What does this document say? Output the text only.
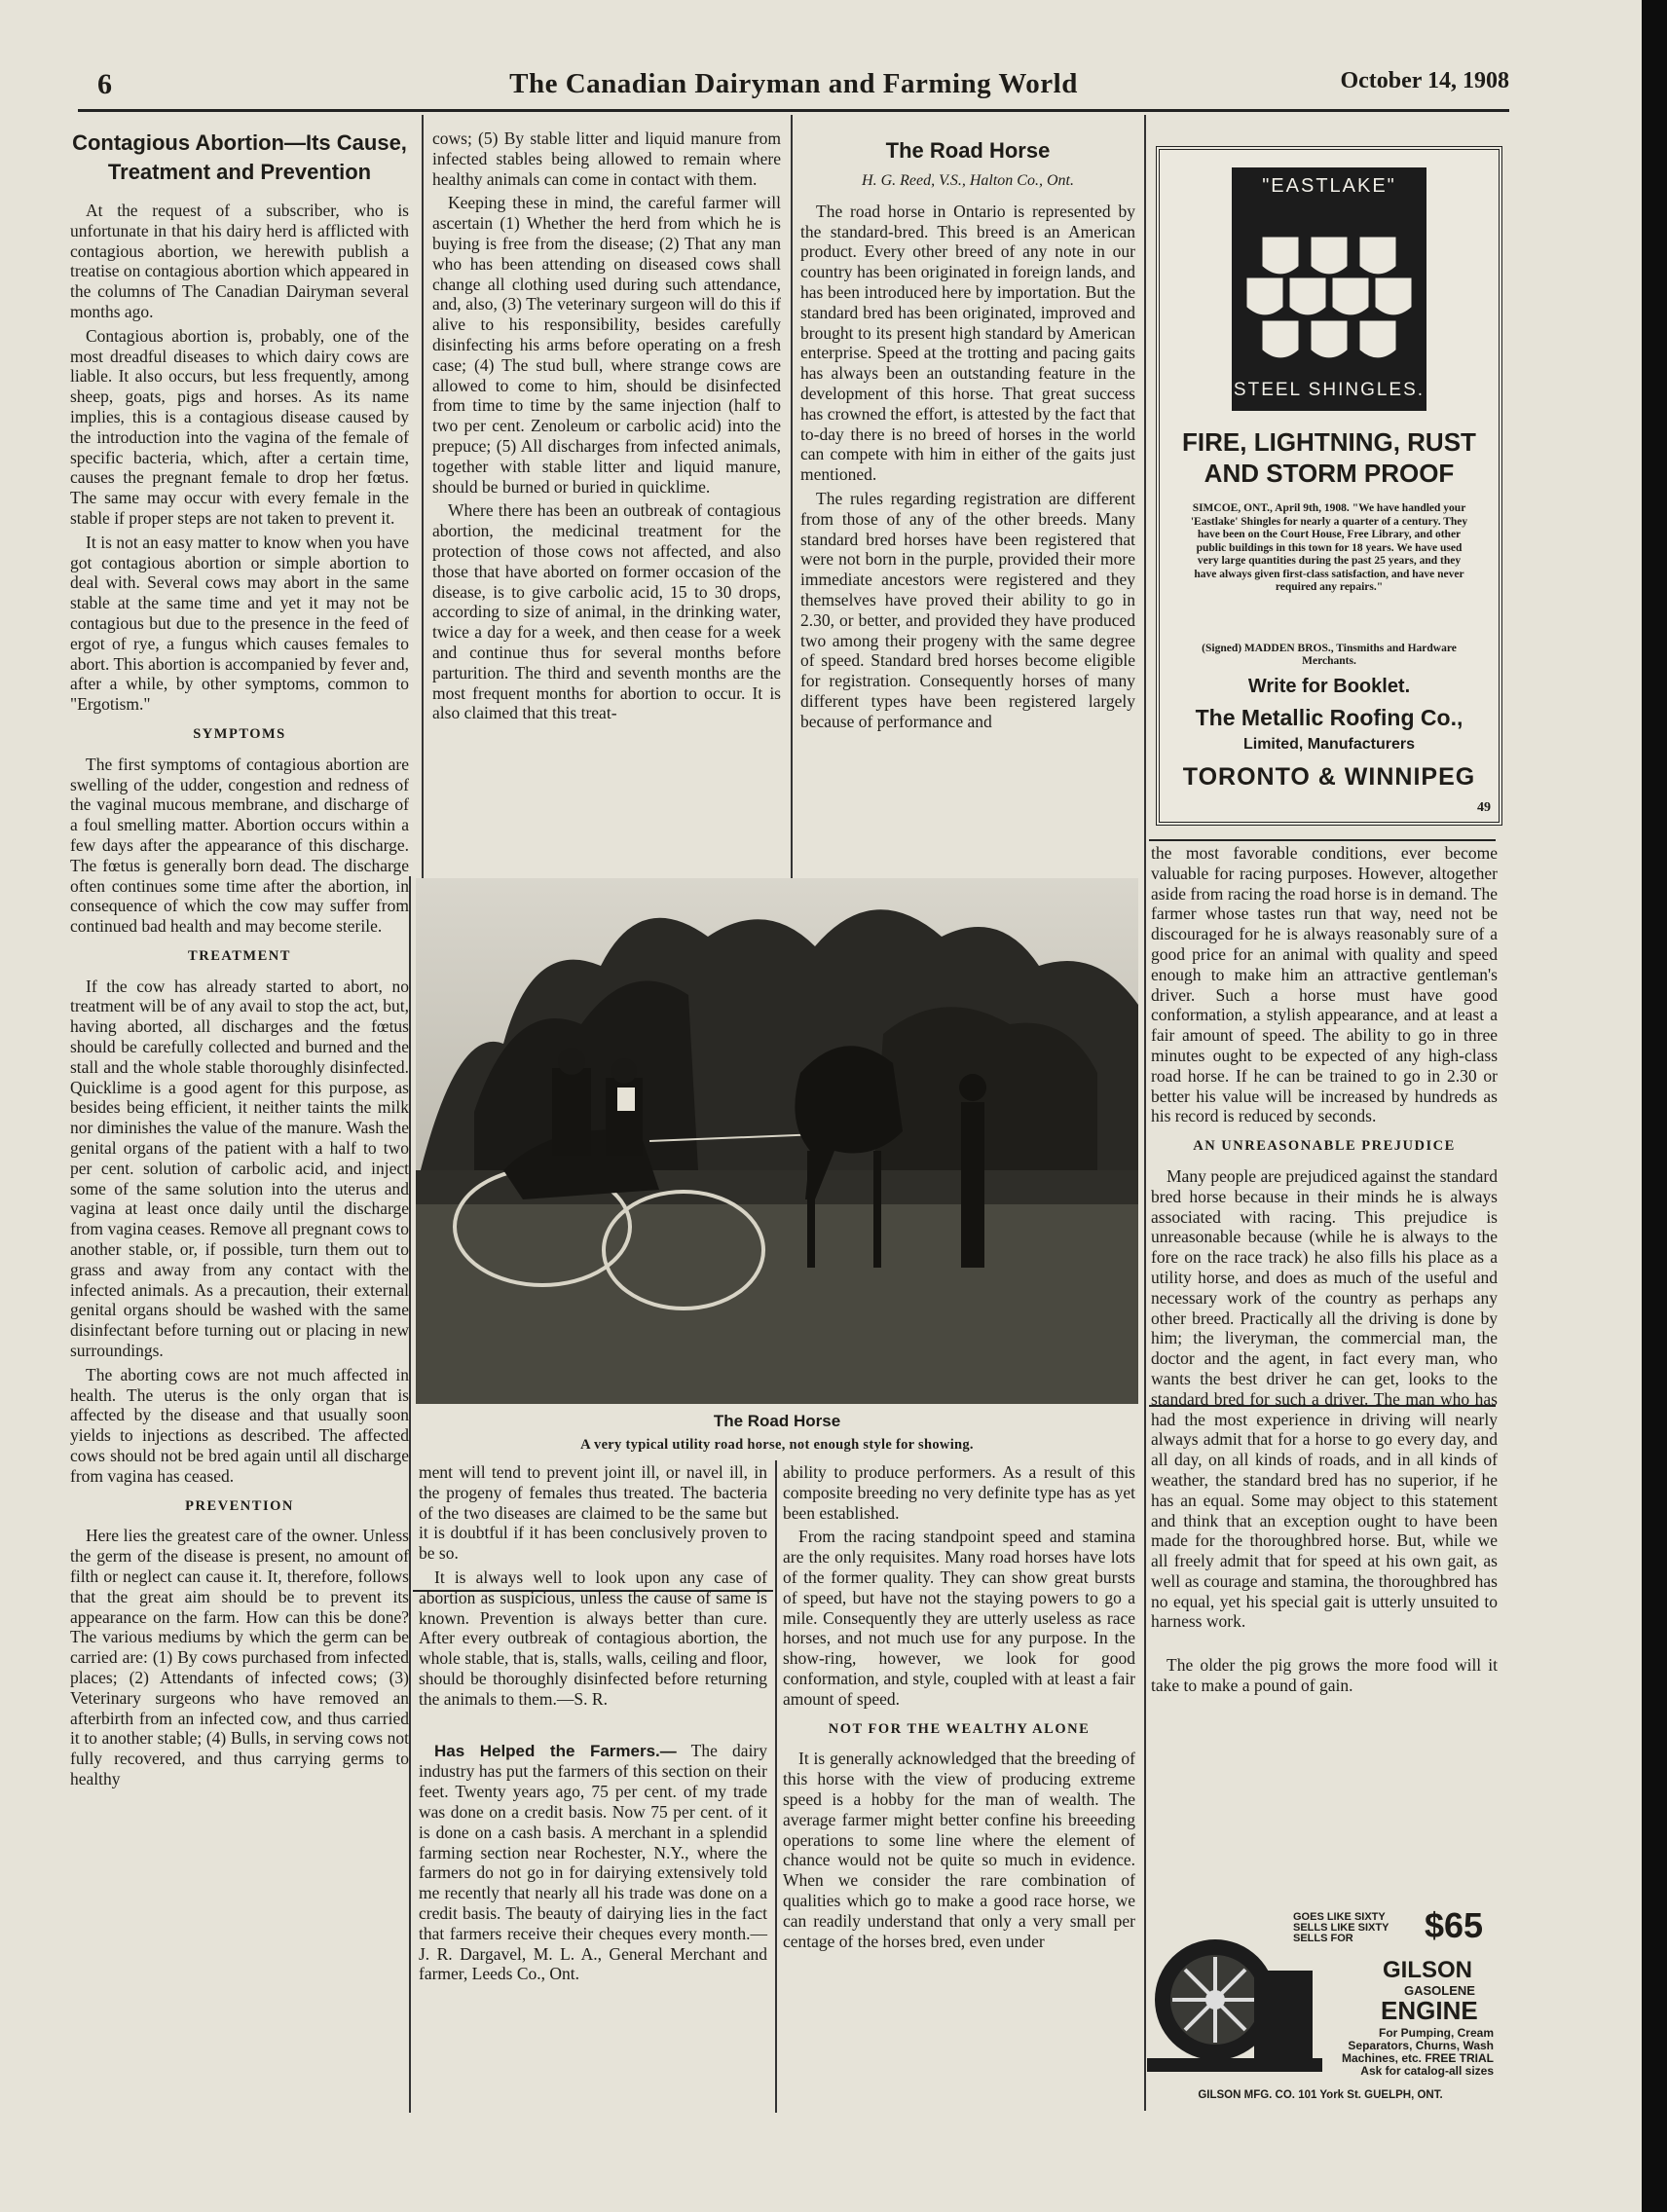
6	The Canadian Dairyman and Farming World	October 14, 1908
Contagious Abortion—Its Cause, Treatment and Prevention

At the request of a subscriber, who is unfortunate in that his dairy herd is afflicted with contagious abortion, we herewith publish a treatise on contagious abortion which appeared in the columns of The Canadian Dairyman several months ago.

Contagious abortion is, probably, one of the most dreadful diseases to which dairy cows are liable. It also occurs, but less frequently, among sheep, goats, pigs and horses. As its name implies, this is a contagious disease caused by the introduction into the vagina of the female of specific bacteria, which, after a certain time, causes the pregnant female to drop her fœtus. The same may occur with every female in the stable if proper steps are not taken to prevent it.

It is not an easy matter to know when you have got contagious abortion or simple abortion to deal with. Several cows may abort in the same stable at the same time and yet it may not be contagious but due to the presence in the feed of ergot of rye, a fungus which causes females to abort. This abortion is accompanied by fever and, after a while, by other symptoms, common to "Ergotism."

SYMPTOMS

The first symptoms of contagious abortion are swelling of the udder, congestion and redness of the vaginal mucous membrane, and discharge of a foul smelling matter. Abortion occurs within a few days after the appearance of this discharge. The fœtus is generally born dead. The discharge often continues some time after the abortion, in consequence of which the cow may suffer from continued bad health and may become sterile.

TREATMENT

If the cow has already started to abort, no treatment will be of any avail to stop the act, but, having aborted, all discharges and the fœtus should be carefully collected and burned and the stall and the whole stable thoroughly disinfected. Quicklime is a good agent for this purpose, as besides being efficient, it neither taints the milk nor diminishes the value of the manure. Wash the genital organs of the patient with a half to two per cent. solution of carbolic acid, and inject some of the same solution into the uterus and vagina at least once daily until the discharge from vagina ceases. Remove all pregnant cows to another stable, or, if possible, turn them out to grass and away from any contact with the infected animals. As a precaution, their external genital organs should be washed with the same disinfectant before turning out or placing in new surroundings.

The aborting cows are not much affected in health. The uterus is the only organ that is affected by the disease and that usually soon yields to injections as described. The affected cows should not be bred again until all discharge from vagina has ceased.

PREVENTION

Here lies the greatest care of the owner. Unless the germ of the disease is present, no amount of filth or neglect can cause it. It, therefore, follows that the great aim should be to prevent its appearance on the farm. How can this be done? The various mediums by which the germ can be carried are: (1) By cows purchased from infected places; (2) Attendants of infected cows; (3) Veterinary surgeons who have removed an afterbirth from an infected cow, and thus carried it to another stable; (4) Bulls, in serving cows not fully recovered, and thus carrying germs to healthy

cows; (5) By stable litter and liquid manure from infected stables being allowed to remain where healthy animals can come in contact with them.

Keeping these in mind, the careful farmer will ascertain (1) Whether the herd from which he is buying is free from the disease; (2) That any man who has been attending on diseased cows shall change all clothing used during such attendance, and, also, (3) The veterinary surgeon will do this if alive to his responsibility, besides carefully disinfecting his arms before operating on a fresh case; (4) The stud bull, where strange cows are allowed to come to him, should be disinfected from time to time by the same injection (half to two per cent. Zenoleum or carbolic acid) into the prepuce; (5) All discharges from infected animals, together with stable litter and liquid manure, should be burned or buried in quicklime.

Where there has been an outbreak of contagious abortion, the medicinal treatment for the protection of those cows not affected, and also those that have aborted on former occasion of the disease, is to give carbolic acid, 15 to 30 drops, according to size of animal, in the drinking water, twice a day for a week, and then cease for a week and continue thus for several months before parturition. The third and seventh months are the most frequent months for abortion to occur. It is also claimed that this treat-

The Road Horse
H. G. Reed, V.S., Halton Co., Ont.

The road horse in Ontario is represented by the standard-bred. This breed is an American product. Every other breed of any note in our country has been originated in foreign lands, and has been introduced here by importation. But the standard bred has been originated, improved and brought to its present high standard by American enterprise. Speed at the trotting and pacing gaits has always been an outstanding feature in the development of this horse. That great success has crowned the effort, is attested by the fact that to-day there is no breed of horses in the world can compete with him in either of the gaits just mentioned.

The rules regarding registration are different from those of any of the other breeds. Many standard bred horses have been registered that were not born in the purple, provided their more immediate ancestors were registered and they themselves have proved their ability to go in 2.30, or better, and provided they have produced two among their progeny with the same degree of speed. Standard bred horses become eligible for registration. Consequently horses of many different types have been registered largely because of performance and

The Road Horse
A very typical utility road horse, not enough style for showing.

ment will tend to prevent joint ill, or navel ill, in the progeny of females thus treated. The bacteria of the two diseases are claimed to be the same but it is doubtful if it has been conclusively proven to be so.

It is always well to look upon any case of abortion as suspicious, unless the cause of same is known. Prevention is always better than cure. After every outbreak of contagious abortion, the whole stable, that is, stalls, walls, ceiling and floor, should be thoroughly disinfected before returning the animals to them.—S. R.

Has Helped the Farmers.— The dairy industry has put the farmers of this section on their feet. Twenty years ago, 75 per cent. of my trade was done on a credit basis. Now 75 per cent. of it is done on a cash basis. A merchant in a splendid farming section near Rochester, N.Y., where the farmers do not go in for dairying extensively told me recently that nearly all his trade was done on a credit basis. The beauty of dairying lies in the fact that farmers receive their cheques every month.—J. R. Dargavel, M. L. A., General Merchant and farmer, Leeds Co., Ont.

ability to produce performers. As a result of this composite breeding no very definite type has as yet been established.

From the racing standpoint speed and stamina are the only requisites. Many road horses have lots of the former quality. They can show great bursts of speed, but have not the staying powers to go a mile. Consequently they are utterly useless as race horses, and not much use for any purpose. In the show-ring, however, we look for good conformation, and style, coupled with at least a fair amount of speed.

NOT FOR THE WEALTHY ALONE

It is generally acknowledged that the breeding of this horse with the view of producing extreme speed is a hobby for the man of wealth. The average farmer might better confine his breeeding operations to some line where the element of chance would not be quite so much in evidence. When we consider the rare combination of qualities which go to make a good race horse, we can readily understand that only a very small per centage of the horses bred, even under

the most favorable conditions, ever become valuable for racing purposes. However, altogether aside from racing the road horse is in demand. The farmer whose tastes run that way, need not be discouraged for he is always reasonably sure of a good price for an animal with quality and speed enough to make him an attractive gentleman's driver. Such a horse must have good conformation, a stylish appearance, and at least a fair amount of speed. The ability to go in three minutes ought to be expected of any high-class road horse. If he can be trained to go in 2.30 or better his value will be increased by hundreds as his record is reduced by seconds.

AN UNREASONABLE PREJUDICE

Many people are prejudiced against the standard bred horse because in their minds he is always associated with racing. This prejudice is unreasonable because (while he is always to the fore on the race track) he also fills his place as a utility horse, and does as much of the useful and necessary work of the country as perhaps any other breed. Practically all the driving is done by him; the liveryman, the commercial man, the doctor and the agent, in fact every man, who wants the best driver he can get, looks to the standard bred for such a driver. The man who has had the most experience in driving will nearly always admit that for a horse to go every day, and all day, on all kinds of roads, and in all kinds of weather, the standard bred has no superior, if he has an equal. Some may object to this statement and think that an exception ought to have been made for the thoroughbred horse. But, while we all freely admit that for speed at his own gait, as well as courage and stamina, the thoroughbred has no equal, yet his special gait is utterly unsuited to harness work.

The older the pig grows the more food will it take to make a pound of gain.

"EASTLAKE"
STEEL SHINGLES.
FIRE, LIGHTNING, RUST AND STORM PROOF
SIMCOE, ONT., April 9th, 1908. "We have handled your 'Eastlake' Shingles for nearly a quarter of a century. They have been on the Court House, Free Library, and other public buildings in this town for 18 years. We have used very large quantities during the past 25 years, and they have always given first-class satisfaction, and have never required any repairs."
(Signed) MADDEN BROS., Tinsmiths and Hardware Merchants.
Write for Booklet.
The Metallic Roofing Co.,
Limited, Manufacturers
TORONTO & WINNIPEG
49
GOES LIKE SIXTY SELLS LIKE SIXTY SELLS FOR	$65
GILSON
GASOLENE
ENGINE
For Pumping, Cream Separators, Churns, Wash Machines, etc. FREE TRIAL Ask for catalog-all sizes
GILSON MFG. CO. 101 York St. GUELPH, ONT.
